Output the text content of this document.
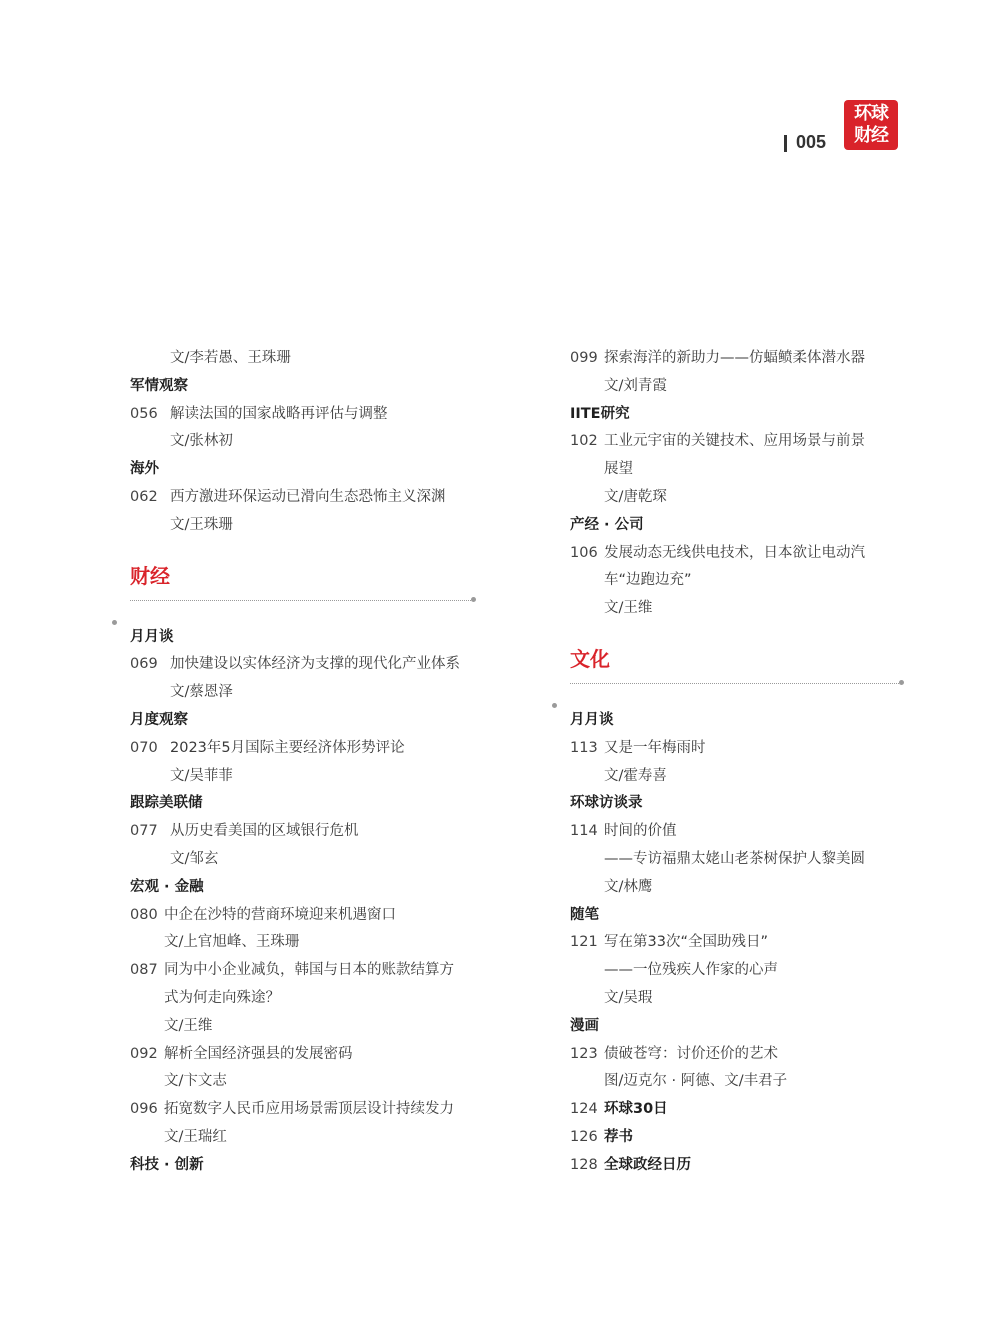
005
环球
财经
文/李若愚、王珠珊
军情观察
056 解读法国的国家战略再评估与调整
文/张林初
海外
062 西方激进环保运动已滑向生态恐怖主义深渊
文/王珠珊
财经
月月谈
069 加快建设以实体经济为支撑的现代化产业体系
文/蔡恩泽
月度观察
070 2023年5月国际主要经济体形势评论
文/吴菲菲
跟踪美联储
077 从历史看美国的区域银行危机
文/邹玄
宏观 · 金融
080 中企在沙特的营商环境迎来机遇窗口
文/上官旭峰、王珠珊
087 同为中小企业减负，韩国与日本的账款结算方
式为何走向殊途？
文/王维
092 解析全国经济强县的发展密码
文/卞文志
096 拓宽数字人民币应用场景需顶层设计持续发力
文/王瑞红
科技 · 创新
099 探索海洋的新助力——仿蝠鲼柔体潜水器
文/刘青霞
IITE研究
102 工业元宇宙的关键技术、应用场景与前景
展望
文/唐乾琛
产经 · 公司
106 发展动态无线供电技术，日本欲让电动汽
车“边跑边充”
文/王维
文化
月月谈
113 又是一年梅雨时
文/霍寿喜
环球访谈录
114 时间的价值
——专访福鼎太姥山老茶树保护人黎美圆
文/林鹰
随笔
121 写在第33次“全国助残日”
——一位残疾人作家的心声
文/吴瑕
漫画
123 债破苍穹：讨价还价的艺术
图/迈克尔 · 阿德、文/丰君子
124 环球30日
126 荐书
128 全球政经日历
